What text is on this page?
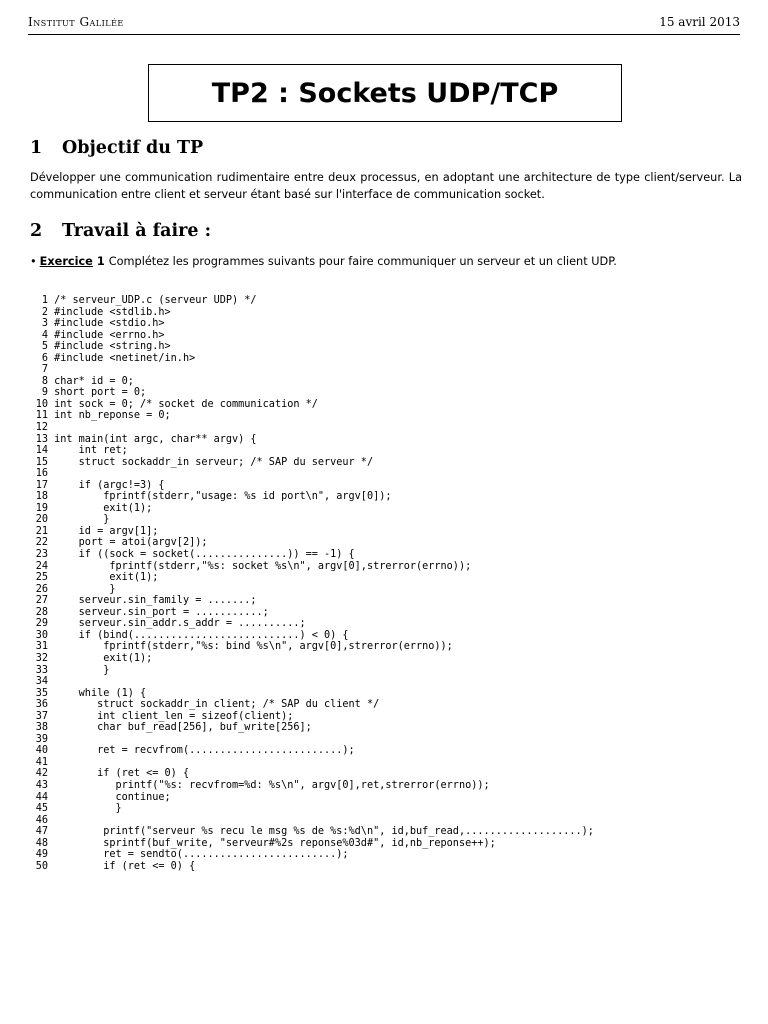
Institut Galilée	15 avril 2013
TP2 : Sockets UDP/TCP
1 Objectif du TP
Développer une communication rudimentaire entre deux processus, en adoptant une architecture de type client/serveur. La communication entre client et serveur étant basé sur l'interface de communication socket.
2 Travail à faire :
• Exercice 1 Complétez les programmes suivants pour faire communiquer un serveur et un client UDP.
1 /* serveur_UDP.c (serveur UDP) */
2 #include <stdlib.h>
3 #include <stdio.h>
4 #include <errno.h>
5 #include <string.h>
6 #include <netinet/in.h>
7
8 char* id = 0;
9 short port = 0;
10 int sock = 0; /* socket de communication */
11 int nb_reponse = 0;
12
13 int main(int argc, char** argv) {
14     int ret;
15     struct sockaddr_in serveur; /* SAP du serveur */
16
17     if (argc!=3) {
18         fprintf(stderr,"usage: %s id port\n", argv[0]);
19         exit(1);
20         }
21     id = argv[1];
22     port = atoi(argv[2]);
23     if ((sock = socket(...............)) == -1) {
24          fprintf(stderr,"%s: socket %s\n", argv[0],strerror(errno));
25          exit(1);
26          }
27     serveur.sin_family = .......;
28     serveur.sin_port = ...........;
29     serveur.sin_addr.s_addr = ..........;
30     if (bind(...........................) < 0) {
31         fprintf(stderr,"%s: bind %s\n", argv[0],strerror(errno));
32         exit(1);
33         }
34
35     while (1) {
36        struct sockaddr_in client; /* SAP du client */
37        int client_len = sizeof(client);
38        char buf_read[256], buf_write[256];
39
40        ret = recvfrom(.........................);
41
42        if (ret <= 0) {
43           printf("%s: recvfrom=%d: %s\n", argv[0],ret,strerror(errno));
44           continue;
45           }
46
47         printf("serveur %s recu le msg %s de %s:%d\n", id,buf_read,...................);
48         sprintf(buf_write, "serveur#%2s reponse%03d#", id,nb_reponse++);
49         ret = sendto(.........................);
50         if (ret <= 0) {
